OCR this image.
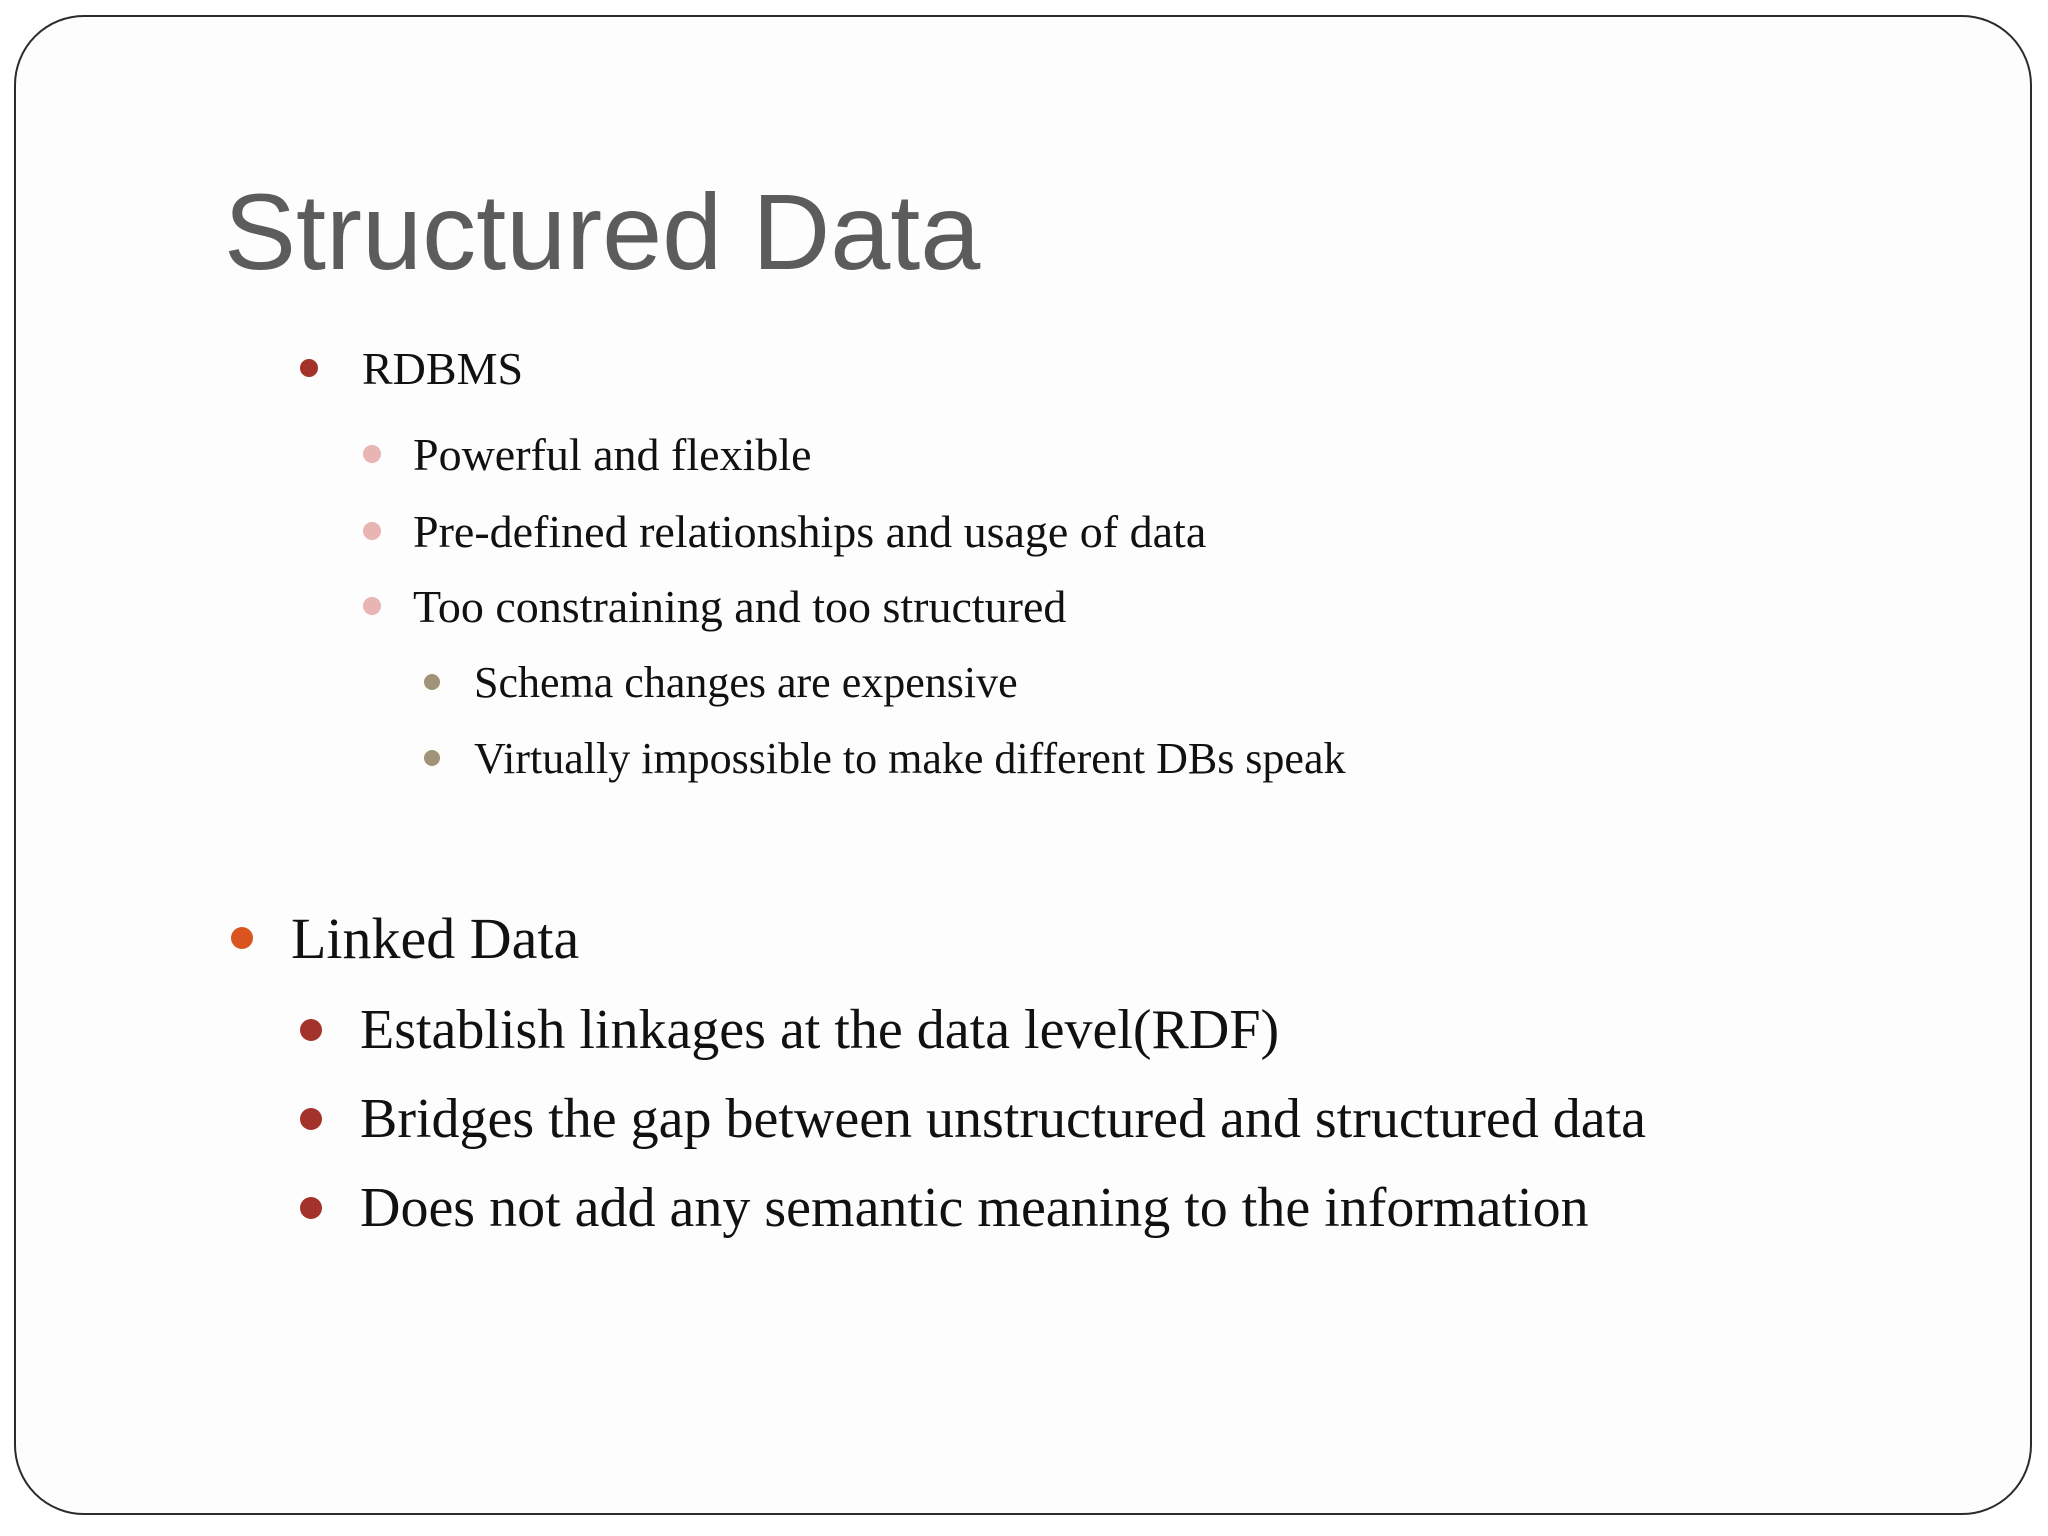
Structured Data
RDBMS
Powerful and flexible
Pre-defined relationships and usage of data
Too constraining and too structured
Schema changes are expensive
Virtually impossible to make different DBs speak
Linked Data
Establish linkages at the data level(RDF)
Bridges the gap between unstructured and structured data
Does not add any semantic meaning to the information
